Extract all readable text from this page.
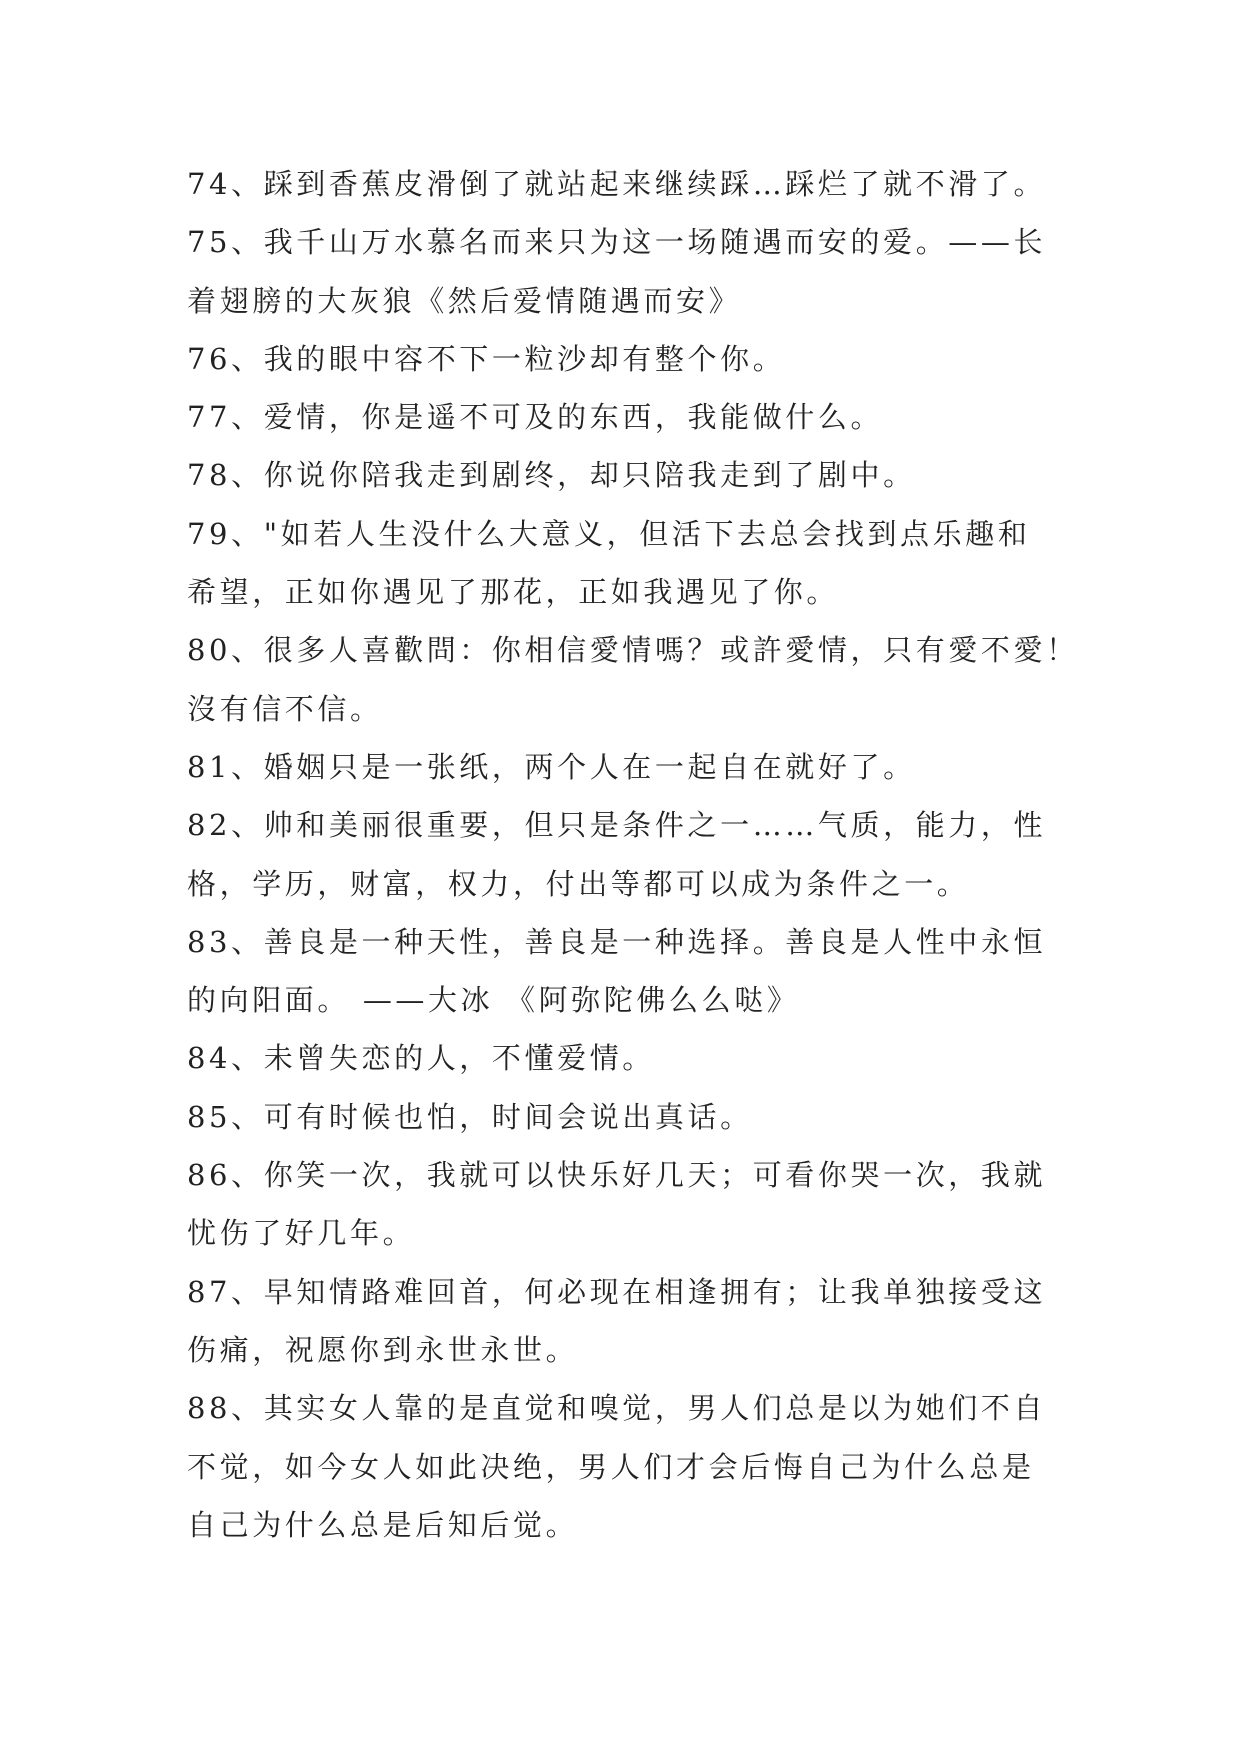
74、踩到香蕉皮滑倒了就站起来继续踩…踩烂了就不滑了。
75、我千山万水慕名而来只为这一场随遇而安的爱。——长
着翅膀的大灰狼《然后爱情随遇而安》
76、我的眼中容不下一粒沙却有整个你。
77、爱情，你是遥不可及的东西，我能做什么。
78、你说你陪我走到剧终，却只陪我走到了剧中。
79、"如若人生没什么大意义，但活下去总会找到点乐趣和
希望，正如你遇见了那花，正如我遇见了你。
80、很多人喜歡問：你相信愛情嗎？或許愛情，只有愛不愛！
沒有信不信。
81、婚姻只是一张纸，两个人在一起自在就好了。
82、帅和美丽很重要，但只是条件之一……气质，能力，性
格，学历，财富，权力，付出等都可以成为条件之一。
83、善良是一种天性，善良是一种选择。善良是人性中永恒
的向阳面。 ——大冰 《阿弥陀佛么么哒》
84、未曾失恋的人，不懂爱情。
85、可有时候也怕，时间会说出真话。
86、你笑一次，我就可以快乐好几天；可看你哭一次，我就
忧伤了好几年。
87、早知情路难回首，何必现在相逢拥有；让我单独接受这
伤痛，祝愿你到永世永世。
88、其实女人靠的是直觉和嗅觉，男人们总是以为她们不自
不觉，如今女人如此决绝，男人们才会后悔自己为什么总是
自己为什么总是后知后觉。
